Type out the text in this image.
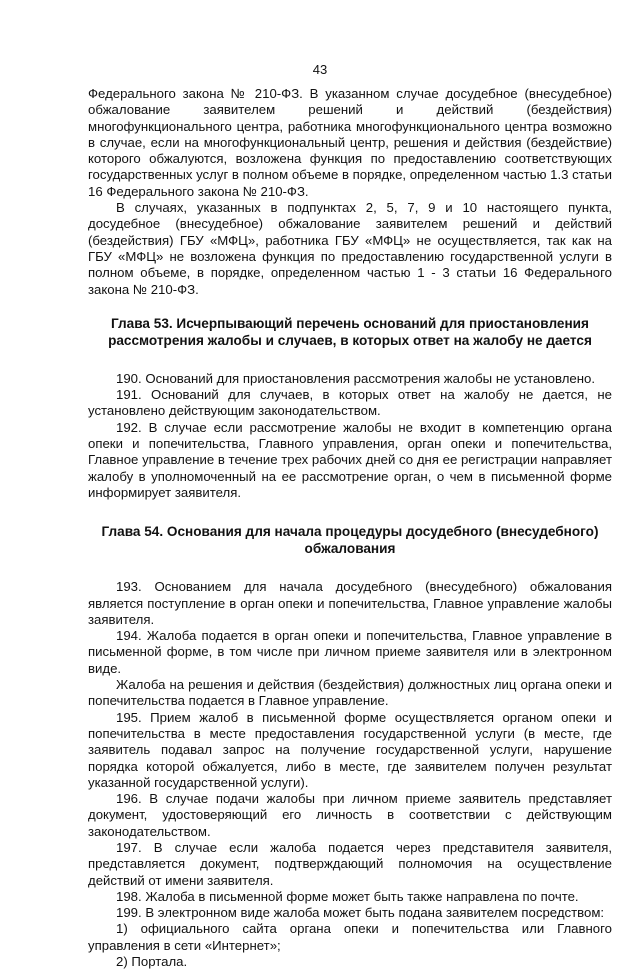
43

Федерального закона № 210-ФЗ. В указанном случае досудебное (внесудебное) обжалование заявителем решений и действий (бездействия) многофункционального центра, работника многофункционального центра возможно в случае, если на многофункциональный центр, решения и действия (бездействие) которого обжалуются, возложена функция по предоставлению соответствующих государственных услуг в полном объеме в порядке, определенном частью 1.3 статьи 16 Федерального закона № 210-ФЗ.

В случаях, указанных в подпунктах 2, 5, 7, 9 и 10 настоящего пункта, досудебное (внесудебное) обжалование заявителем решений и действий (бездействия) ГБУ «МФЦ», работника ГБУ «МФЦ» не осуществляется, так как на ГБУ «МФЦ» не возложена функция по предоставлению государственной услуги в полном объеме, в порядке, определенном частью 1 - 3 статьи 16 Федерального закона № 210-ФЗ.

Глава 53. Исчерпывающий перечень оснований для приостановления рассмотрения жалобы и случаев, в которых ответ на жалобу не дается

190. Оснований для приостановления рассмотрения жалобы не установлено.

191. Оснований для случаев, в которых ответ на жалобу не дается, не установлено действующим законодательством.

192. В случае если рассмотрение жалобы не входит в компетенцию органа опеки и попечительства, Главного управления, орган опеки и попечительства, Главное управление в течение трех рабочих дней со дня ее регистрации направляет жалобу в уполномоченный на ее рассмотрение орган, о чем в письменной форме информирует заявителя.

Глава 54. Основания для начала процедуры досудебного (внесудебного) обжалования

193. Основанием для начала досудебного (внесудебного) обжалования является поступление в орган опеки и попечительства, Главное управление жалобы заявителя.

194. Жалоба подается в орган опеки и попечительства, Главное управление в письменной форме, в том числе при личном приеме заявителя или в электронном виде.

Жалоба на решения и действия (бездействия) должностных лиц органа опеки и попечительства подается в Главное управление.

195. Прием жалоб в письменной форме осуществляется органом опеки и попечительства в месте предоставления государственной услуги (в месте, где заявитель подавал запрос на получение государственной услуги, нарушение порядка которой обжалуется, либо в месте, где заявителем получен результат указанной государственной услуги).

196. В случае подачи жалобы при личном приеме заявитель представляет документ, удостоверяющий его личность в соответствии с действующим законодательством.

197. В случае если жалоба подается через представителя заявителя, представляется документ, подтверждающий полномочия на осуществление действий от имени заявителя.

198. Жалоба в письменной форме может быть также направлена по почте.

199. В электронном виде жалоба может быть подана заявителем посредством:

1) официального сайта органа опеки и попечительства или Главного управления в сети «Интернет»;

2) Портала.
